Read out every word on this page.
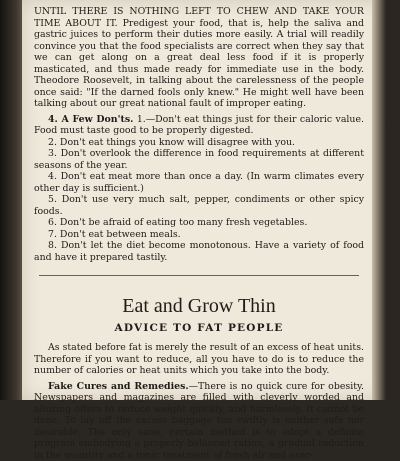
UNTIL THERE IS NOTHING LEFT TO CHEW AND TAKE YOUR TIME ABOUT IT. Predigest your food, that is, help the saliva and gastric juices to perform their duties more easily. A trial will readily convince you that the food specialists are correct when they say that we can get along on a great deal less food if it is properly masticated, and thus made ready for immediate use in the body. Theodore Roosevelt, in talking about the carelessness of the people once said: "If the darned fools only knew." He might well have been talking about our great national fault of improper eating.

4. A Few Don'ts. 1.—Don't eat things just for their caloric value. Food must taste good to be properly digested.

2. Don't eat things you know will disagree with you.

3. Don't overlook the difference in food requirements at different seasons of the year.

4. Don't eat meat more than once a day. (In warm climates every other day is sufficient.)

5. Don't use very much salt, pepper, condiments or other spicy foods.

6. Don't be afraid of eating too many fresh vegetables.

7. Don't eat between meals.

8. Don't let the diet become monotonous. Have a variety of food and have it prepared tastily.

Eat and Grow Thin
ADVICE TO FAT PEOPLE

As stated before fat is merely the result of an excess of heat units. Therefore if you want to reduce, all you have to do is to reduce the number of calories or heat units which you take into the body.

Fake Cures and Remedies.—There is no quick cure for obesity. Newspapers and magazines are filled with cleverly worded and alluring offers to reduce weight quickly, and harmlessly. It cannot be done. To lay off the excess baggage too swiftly is neither safe nor desirable. The only sane, certain method is to adopt a definite program embodying a properly balanced ration, a gradual reduction in the quantity and a tonic treatment of fresh air and exer-
